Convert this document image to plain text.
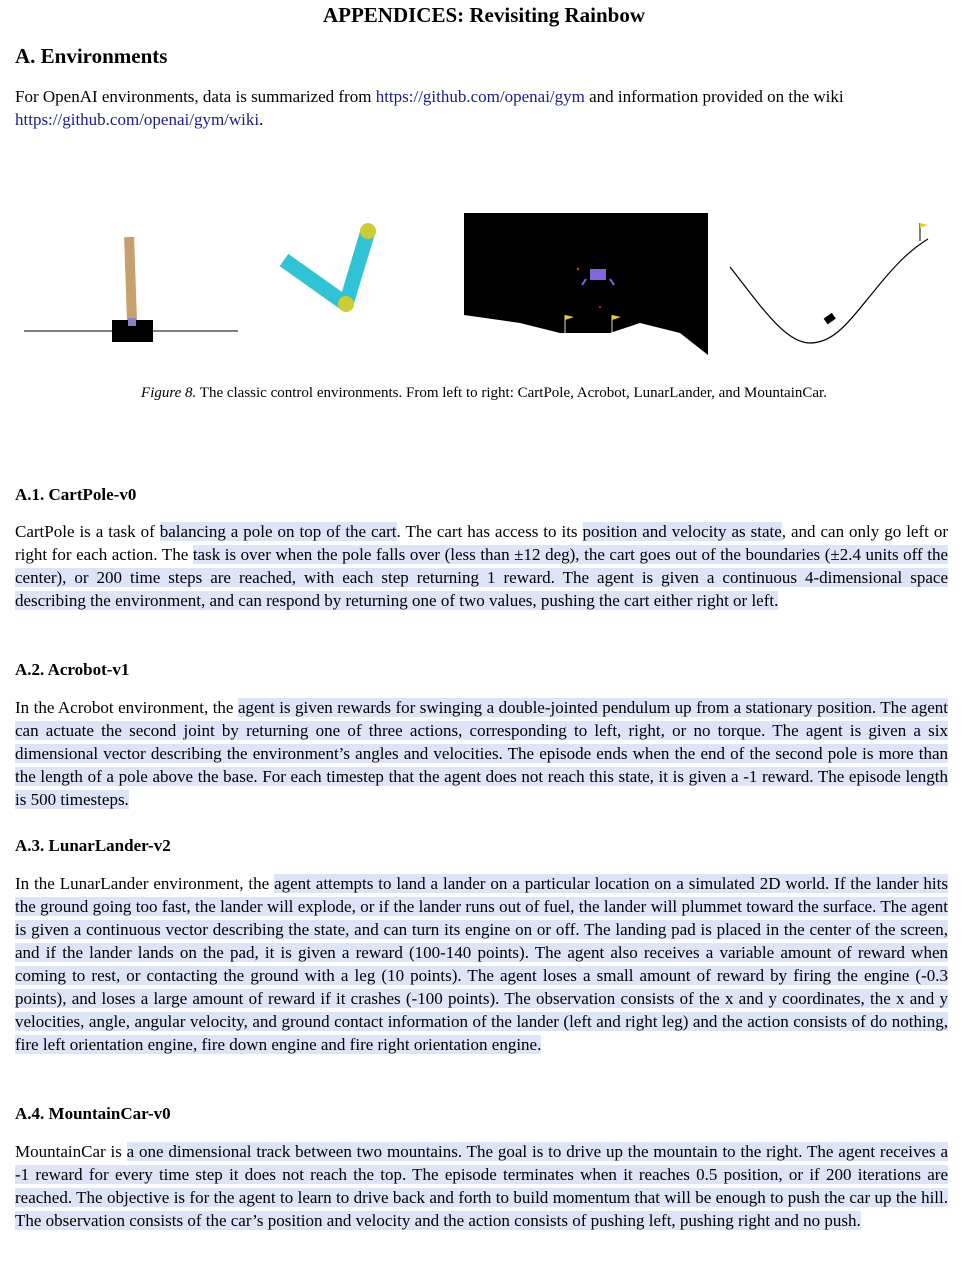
APPENDICES: Revisiting Rainbow
A. Environments

For OpenAI environments, data is summarized from https://github.com/openai/gym and information provided on the wiki https://github.com/openai/gym/wiki.

Figure 8. The classic control environments. From left to right: CartPole, Acrobot, LunarLander, and MountainCar.

A.1. CartPole-v0

CartPole is a task of balancing a pole on top of the cart. The cart has access to its position and velocity as state, and can only go left or right for each action. The task is over when the pole falls over (less than ±12 deg), the cart goes out of the boundaries (±2.4 units off the center), or 200 time steps are reached, with each step returning 1 reward. The agent is given a continuous 4-dimensional space describing the environment, and can respond by returning one of two values, pushing the cart either right or left.

A.2. Acrobot-v1

In the Acrobot environment, the agent is given rewards for swinging a double-jointed pendulum up from a stationary position. The agent can actuate the second joint by returning one of three actions, corresponding to left, right, or no torque. The agent is given a six dimensional vector describing the environment’s angles and velocities. The episode ends when the end of the second pole is more than the length of a pole above the base. For each timestep that the agent does not reach this state, it is given a -1 reward. The episode length is 500 timesteps.

A.3. LunarLander-v2

In the LunarLander environment, the agent attempts to land a lander on a particular location on a simulated 2D world. If the lander hits the ground going too fast, the lander will explode, or if the lander runs out of fuel, the lander will plummet toward the surface. The agent is given a continuous vector describing the state, and can turn its engine on or off. The landing pad is placed in the center of the screen, and if the lander lands on the pad, it is given a reward (100-140 points). The agent also receives a variable amount of reward when coming to rest, or contacting the ground with a leg (10 points). The agent loses a small amount of reward by firing the engine (-0.3 points), and loses a large amount of reward if it crashes (-100 points). The observation consists of the x and y coordinates, the x and y velocities, angle, angular velocity, and ground contact information of the lander (left and right leg) and the action consists of do nothing, fire left orientation engine, fire down engine and fire right orientation engine.

A.4. MountainCar-v0

MountainCar is a one dimensional track between two mountains. The goal is to drive up the mountain to the right. The agent receives a -1 reward for every time step it does not reach the top. The episode terminates when it reaches 0.5 position, or if 200 iterations are reached. The objective is for the agent to learn to drive back and forth to build momentum that will be enough to push the car up the hill. The observation consists of the car’s position and velocity and the action consists of pushing left, pushing right and no push.
